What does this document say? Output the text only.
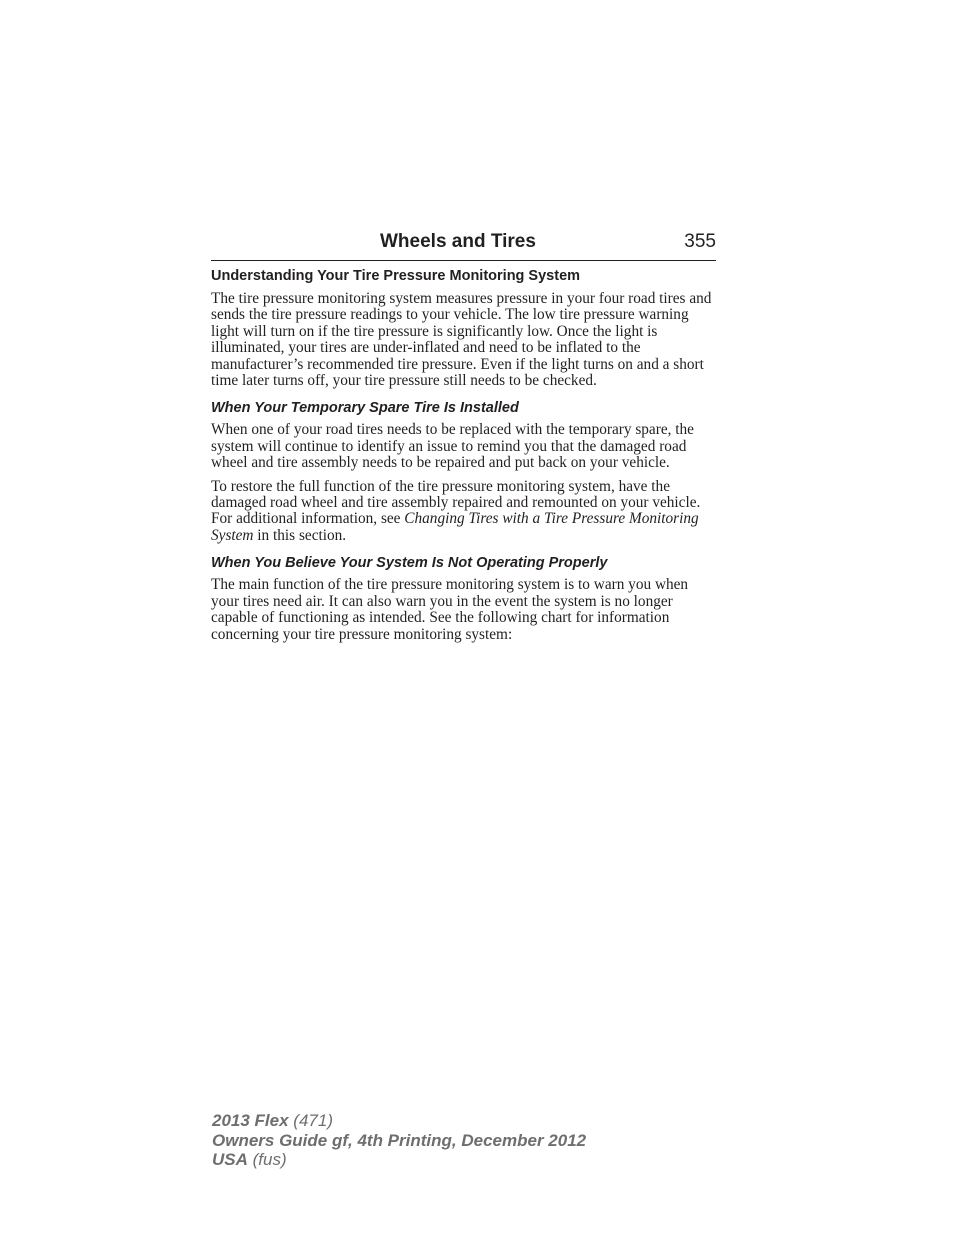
Wheels and Tires	355
Understanding Your Tire Pressure Monitoring System

The tire pressure monitoring system measures pressure in your four road tires and sends the tire pressure readings to your vehicle. The low tire pressure warning light will turn on if the tire pressure is significantly low. Once the light is illuminated, your tires are under-inflated and need to be inflated to the manufacturer’s recommended tire pressure. Even if the light turns on and a short time later turns off, your tire pressure still needs to be checked.

When Your Temporary Spare Tire Is Installed

When one of your road tires needs to be replaced with the temporary spare, the system will continue to identify an issue to remind you that the damaged road wheel and tire assembly needs to be repaired and put back on your vehicle.

To restore the full function of the tire pressure monitoring system, have the damaged road wheel and tire assembly repaired and remounted on your vehicle. For additional information, see Changing Tires with a Tire Pressure Monitoring System in this section.

When You Believe Your System Is Not Operating Properly

The main function of the tire pressure monitoring system is to warn you when your tires need air. It can also warn you in the event the system is no longer capable of functioning as intended. See the following chart for information concerning your tire pressure monitoring system:

2013 Flex (471)
Owners Guide gf, 4th Printing, December 2012
USA (fus)
